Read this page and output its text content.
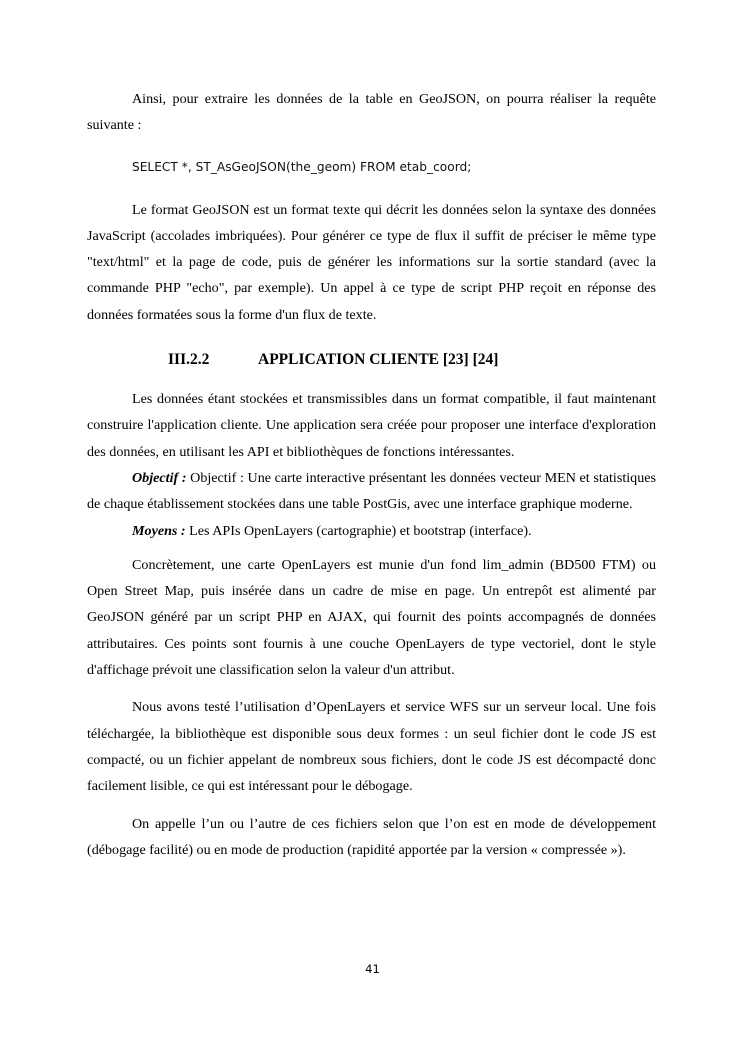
Ainsi, pour extraire les données de la table en GeoJSON, on pourra réaliser la requête suivante :

SELECT *, ST_AsGeoJSON(the_geom) FROM etab_coord;

Le format GeoJSON est un format texte qui décrit les données selon la syntaxe des données JavaScript (accolades imbriquées). Pour générer ce type de flux il suffit de préciser le même type "text/html" et la page de code, puis de générer les informations sur la sortie standard (avec la commande PHP "echo", par exemple). Un appel à ce type de script PHP reçoit en réponse des données formatées sous la forme d'un flux de texte.

III.2.2	APPLICATION CLIENTE [23] [24]

Les données étant stockées et transmissibles dans un format compatible, il faut maintenant construire l'application cliente. Une application sera créée pour proposer une interface d'exploration des données, en utilisant les API et bibliothèques de fonctions intéressantes.

Objectif : Objectif : Une carte interactive présentant les données vecteur MEN et statistiques de chaque établissement stockées dans une table PostGis, avec une interface graphique moderne.

Moyens : Les APIs OpenLayers (cartographie) et bootstrap (interface).

Concrètement, une carte OpenLayers est munie d'un fond lim_admin (BD500 FTM) ou Open Street Map, puis insérée dans un cadre de mise en page. Un entrepôt est alimenté par GeoJSON généré par un script PHP en AJAX, qui fournit des points accompagnés de données attributaires. Ces points sont fournis à une couche OpenLayers de type vectoriel, dont le style d'affichage prévoit une classification selon la valeur d'un attribut.

Nous avons testé l’utilisation d’OpenLayers et service WFS sur un serveur local. Une fois téléchargée, la bibliothèque est disponible sous deux formes : un seul fichier dont le code JS est compacté, ou un fichier appelant de nombreux sous fichiers, dont le code JS est décompacté donc facilement lisible, ce qui est intéressant pour le débogage.

On appelle l’un ou l’autre de ces fichiers selon que l’on est en mode de développement (débogage facilité) ou en mode de production (rapidité apportée par la version « compressée »).

41
